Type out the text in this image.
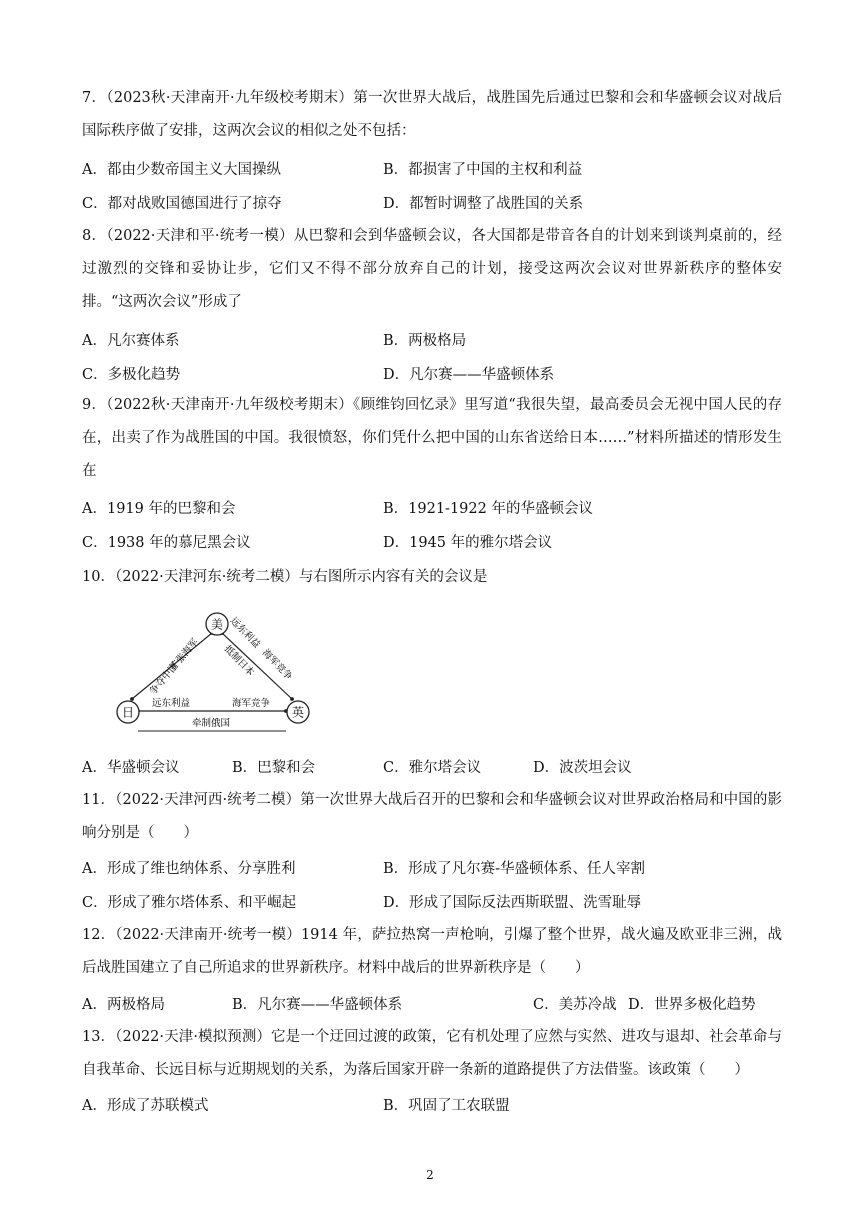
7．（2023秋·天津南开·九年级校考期末）第一次世界大战后，战胜国先后通过巴黎和会和华盛顿会议对战后国际秩序做了安排，这两次会议的相似之处不包括：
A．都由少数帝国主义大国操纵	B．都损害了中国的主权和利益
C．都对战败国德国进行了掠夺	D．都暂时调整了战胜国的关系
8．（2022·天津和平·统考一模）从巴黎和会到华盛顿会议，各大国都是带音各自的计划来到谈判桌前的，经过激烈的交锋和妥协让步，它们又不得不部分放弃自己的计划，接受这两次会议对世界新秩序的整体安排。“这两次会议”形成了
A．凡尔赛体系	B．两极格局
C．多极化趋势	D．凡尔赛——华盛顿体系
9．（2022秋·天津南开·九年级校考期末）《顾维钧回忆录》里写道“我很失望，最高委员会无视中国人民的存在，出卖了作为战胜国的中国。我很愤怒，你们凭什么把中国的山东省送给日本……”材料所描述的情形发生在
A．1919 年的巴黎和会	B．1921-1922 年的华盛顿会议
C．1938 年的慕尼黑会议	D．1945 年的雅尔塔会议
10．（2022·天津河东·统考二模）与右图所示内容有关的会议是
美
日	英
争夺中国
扩张海军
远东利益
海军竞争
抵制日本
远东利益	海军竞争
牵制俄国
A．华盛顿会议	B．巴黎和会	C．雅尔塔会议	D．波茨坦会议
11．（2022·天津河西·统考二模）第一次世界大战后召开的巴黎和会和华盛顿会议对世界政治格局和中国的影响分别是（　　）
A．形成了维也纳体系、分享胜利	B．形成了凡尔赛-华盛顿体系、任人宰割
C．形成了雅尔塔体系、和平崛起	D．形成了国际反法西斯联盟、洗雪耻辱
12．（2022·天津南开·统考一模）1914 年，萨拉热窝一声枪响，引爆了整个世界，战火遍及欧亚非三洲，战后战胜国建立了自己所追求的世界新秩序。材料中战后的世界新秩序是（　　）
A．两极格局	B．凡尔赛——华盛顿体系	C．美苏冷战 D．世界多极化趋势
13．（2022·天津·模拟预测）它是一个迂回过渡的政策，它有机处理了应然与实然、进攻与退却、社会革命与自我革命、长远目标与近期规划的关系，为落后国家开辟一条新的道路提供了方法借鉴。该政策（　　）
A．形成了苏联模式	B．巩固了工农联盟
2
